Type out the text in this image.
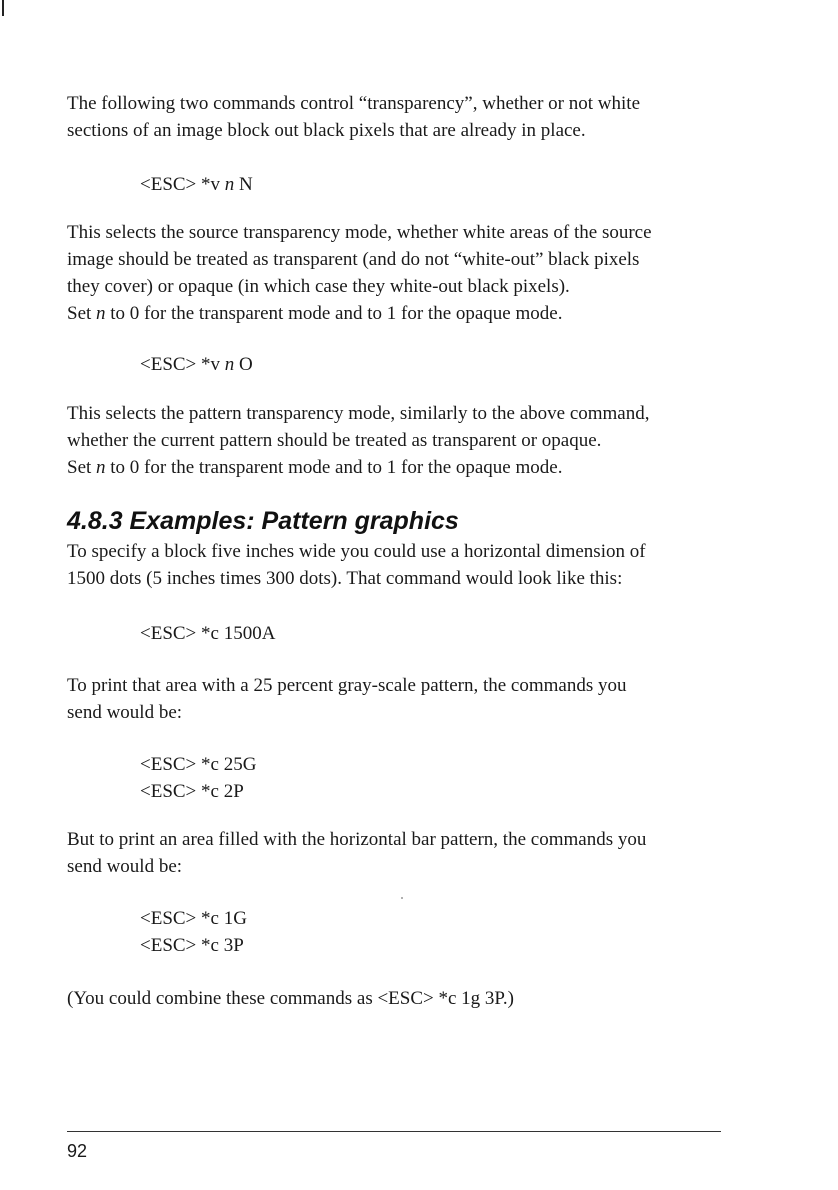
The following two commands control “transparency”, whether or not white
sections of an image block out black pixels that are already in place.

<ESC> *v n N

This selects the source transparency mode, whether white areas of the source
image should be treated as transparent (and do not “white-out” black pixels
they cover) or opaque (in which case they white-out black pixels).
Set n to 0 for the transparent mode and to 1 for the opaque mode.

<ESC> *v n O

This selects the pattern transparency mode, similarly to the above command,
whether the current pattern should be treated as transparent or opaque.
Set n to 0 for the transparent mode and to 1 for the opaque mode.

4.8.3 Examples: Pattern graphics

To specify a block five inches wide you could use a horizontal dimension of
1500 dots (5 inches times 300 dots). That command would look like this:

<ESC> *c 1500A

To print that area with a 25 percent gray-scale pattern, the commands you
send would be:

<ESC> *c 25G
<ESC> *c 2P

But to print an area filled with the horizontal bar pattern, the commands you
send would be:

<ESC> *c 1G
<ESC> *c 3P

(You could combine these commands as <ESC> *c 1g 3P.)

92
